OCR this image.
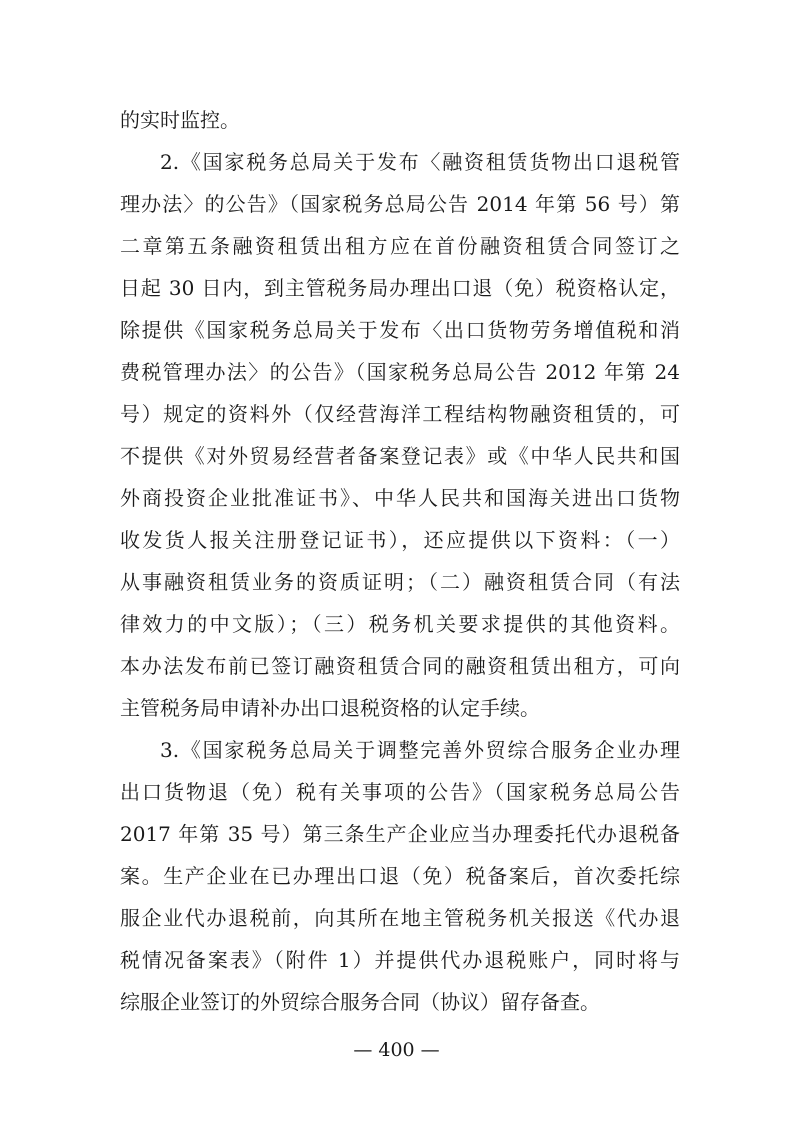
的实时监控。
2.《国家税务总局关于发布〈融资租赁货物出口退税管
理办法〉的公告》（国家税务总局公告 2014 年第 56 号）第
二章第五条融资租赁出租方应在首份融资租赁合同签订之
日起 30 日内，到主管税务局办理出口退（免）税资格认定，
除提供《国家税务总局关于发布〈出口货物劳务增值税和消
费税管理办法〉的公告》（国家税务总局公告 2012 年第 24
号）规定的资料外（仅经营海洋工程结构物融资租赁的，可
不提供《对外贸易经营者备案登记表》或《中华人民共和国
外商投资企业批准证书》、中华人民共和国海关进出口货物
收发货人报关注册登记证书），还应提供以下资料：（一）
从事融资租赁业务的资质证明；（二）融资租赁合同（有法
律效力的中文版）；（三）税务机关要求提供的其他资料。
本办法发布前已签订融资租赁合同的融资租赁出租方，可向
主管税务局申请补办出口退税资格的认定手续。
3.《国家税务总局关于调整完善外贸综合服务企业办理
出口货物退（免）税有关事项的公告》（国家税务总局公告
2017 年第 35 号）第三条生产企业应当办理委托代办退税备
案。生产企业在已办理出口退（免）税备案后，首次委托综
服企业代办退税前，向其所在地主管税务机关报送《代办退
税情况备案表》（附件 1）并提供代办退税账户，同时将与
综服企业签订的外贸综合服务合同（协议）留存备查。
— 400 —
